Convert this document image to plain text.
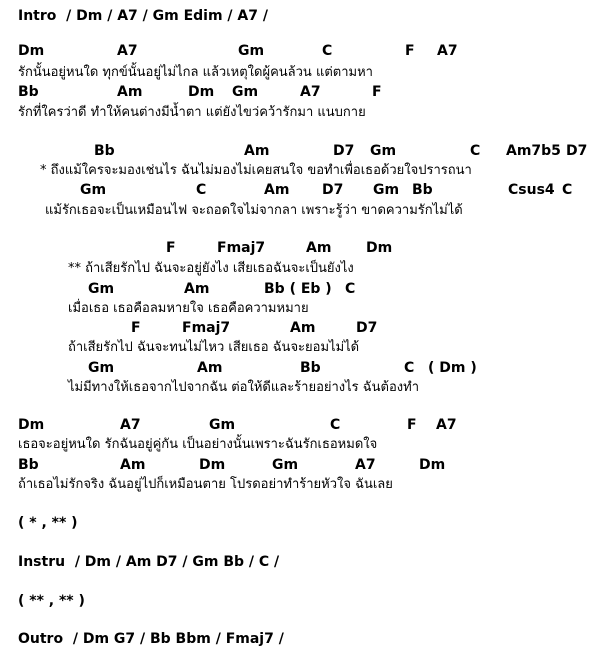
Intro  / Dm / A7 / Gm Edim / A7 /
Dm	A7	Gm	C	F A7
รักนั้นอยู่หนใด ทุกข์นั้นอยู่ไม่ไกล แล้วเหตุใดผู้คนล้วน แต่ตามหา
Bb	Am	Dm Gm	A7	F
รักที่ใครว่าดี ทำให้คนต่างมีน้ำตา แต่ยังไขว่คว้ารักมา แนบกาย
Bb	Am	D7 Gm	C Am7b5 D7
* ถึงแม้ใครจะมองเช่นไร ฉันไม่มองไม่เคยสนใจ ขอทำเพื่อเธอด้วยใจปรารถนา
Gm	C	Am D7 Gm Bb	Csus4 C
แม้รักเธอจะเป็นเหมือนไฟ จะถอดใจไม่จากลา เพราะรู้ว่า ขาดความรักไม่ได้
F	Fmaj7	Am Dm
** ถ้าเสียรักไป ฉันจะอยู่ยังไง เสียเธอฉันจะเป็นยังไง
Gm	Am	Bb ( Eb ) C
เมื่อเธอ เธอคือลมหายใจ เธอคือความหมาย
F	Fmaj7	Am	D7
ถ้าเสียรักไป ฉันจะทนไม่ไหว เสียเธอ ฉันจะยอมไม่ได้
Gm	Am	Bb	C ( Dm )
ไม่มีทางให้เธอจากไปจากฉัน ต่อให้ดีและร้ายอย่างไร ฉันต้องทำ
Dm	A7	Gm	C	F A7
เธอจะอยู่หนใด รักฉันอยู่คู่กัน เป็นอย่างนั้นเพราะฉันรักเธอหมดใจ
Bb	Am	Dm	Gm	A7	Dm
ถ้าเธอไม่รักจริง ฉันอยู่ไปก็เหมือนตาย โปรดอย่าทำร้ายหัวใจ ฉันเลย
( * , ** )
Instru  / Dm / Am D7 / Gm Bb / C /
( ** , ** )
Outro  / Dm G7 / Bb Bbm / Fmaj7 /
